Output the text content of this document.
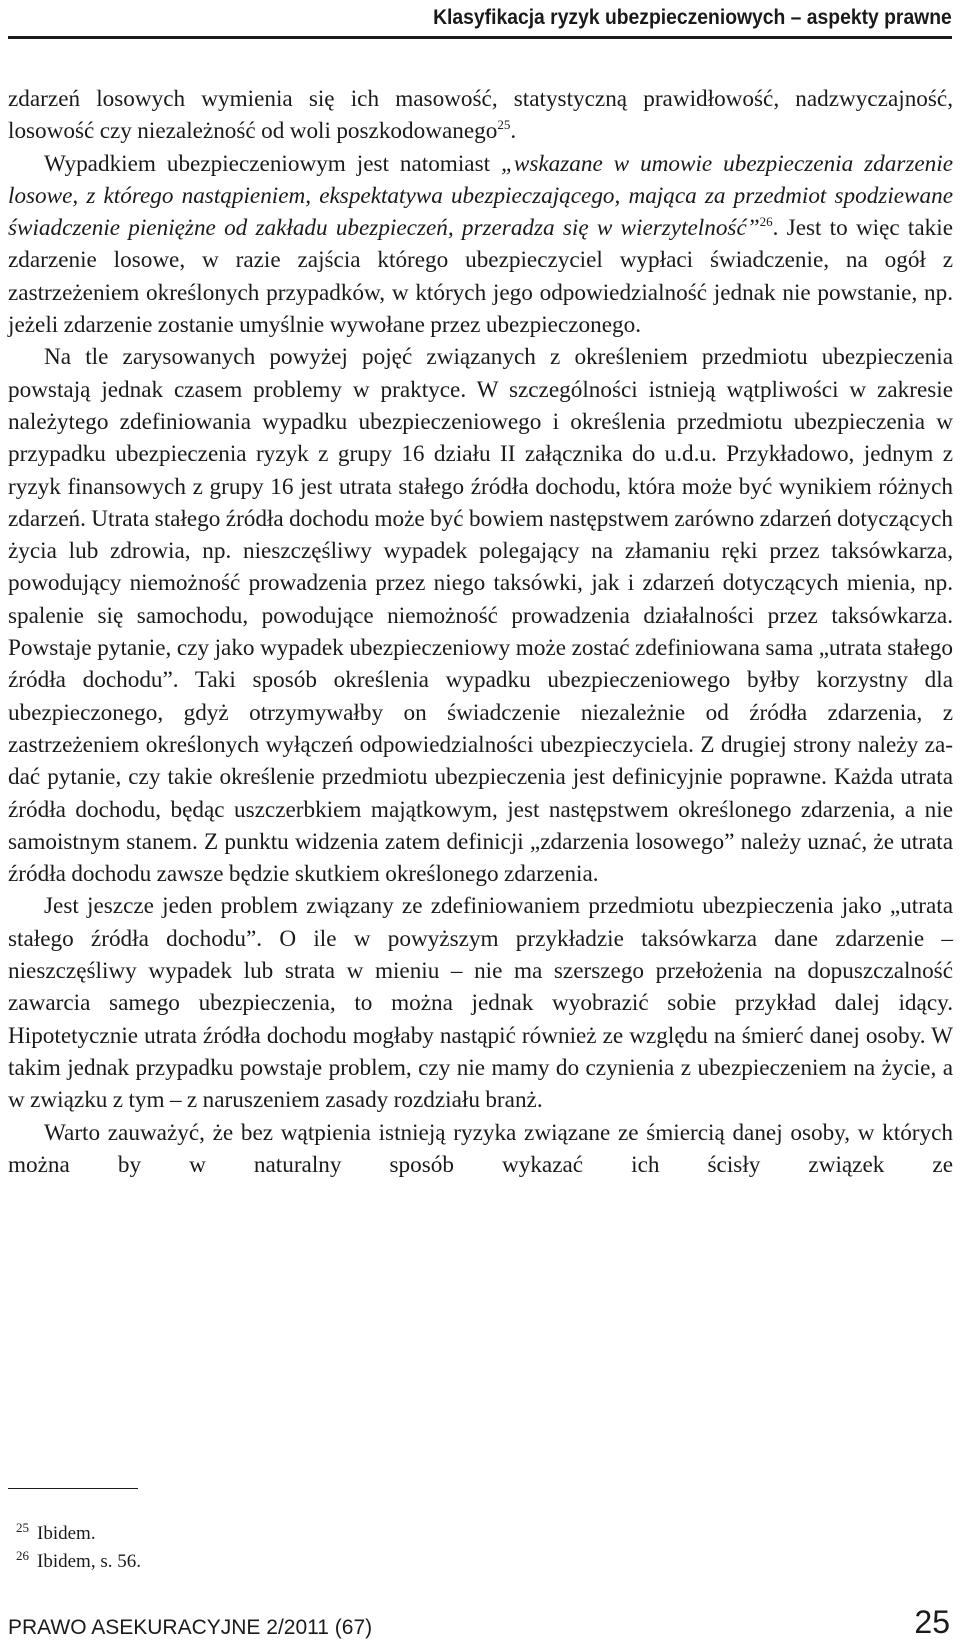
Klasyfikacja ryzyk ubezpieczeniowych – aspekty prawne

zdarzeń losowych wymienia się ich masowość, statystyczną prawidłowość, nadzwyczajność, losowość czy niezależność od woli poszkodowanego$^{25}$.

Wypadkiem ubezpieczeniowym jest natomiast „wskazane w umowie ubezpieczenia zdarzenie losowe, z którego nastąpieniem, ekspektatywa ubezpieczającego, mająca za przedmiot spodziewane świadczenie pieniężne od zakładu ubezpieczeń, przeradza się w wierzytelność”$^{26}$. Jest to więc takie zdarzenie losowe, w razie zajścia którego ubezpieczyciel wypłaci świadczenie, na ogół z zastrzeżeniem określonych przypadków, w których jego odpowiedzialność jednak nie powstanie, np. jeżeli zdarzenie zostanie umyślnie wywołane przez ubezpieczonego.

Na tle zarysowanych powyżej pojęć związanych z określeniem przedmiotu ubezpieczenia powstają jednak czasem problemy w praktyce. W szczególności istnieją wątpliwości w zakresie należytego zdefiniowania wypadku ubezpieczeniowego i określenia przedmiotu ubezpieczenia w przypadku ubezpieczenia ryzyk z grupy 16 działu II załącznika do u.d.u. Przykładowo, jednym z ryzyk finansowych z grupy 16 jest utrata stałego źródła dochodu, która może być wynikiem różnych zdarzeń. Utrata stałego źródła dochodu może być bowiem następstwem zarówno zdarzeń dotyczących życia lub zdrowia, np. nieszczęśliwy wypadek polegający na złamaniu ręki przez taksówkarza, powodujący niemożność prowadzenia przez niego taksówki, jak i zdarzeń dotyczących mienia, np. spalenie się samochodu, powodujące niemożność prowadzenia działalności przez taksówkarza. Powstaje pytanie, czy jako wypadek ubezpieczeniowy może zostać zdefiniowana sama „utrata stałego źródła dochodu”. Taki sposób określenia wypadku ubezpieczeniowego byłby korzystny dla ubezpieczonego, gdyż otrzymywałby on świadczenie niezależnie od źródła zdarzenia, z zastrzeżeniem określonych wyłączeń odpowiedzialności ubezpieczyciela. Z drugiej strony należy zadać pytanie, czy takie określenie przedmiotu ubezpieczenia jest definicyjnie poprawne. Każda utrata źródła dochodu, będąc uszczerbkiem majątkowym, jest następstwem określonego zdarzenia, a nie samoistnym stanem. Z punktu widzenia zatem definicji „zdarzenia losowego” należy uznać, że utrata źródła dochodu zawsze będzie skutkiem określonego zdarzenia.

Jest jeszcze jeden problem związany ze zdefiniowaniem przedmiotu ubezpieczenia jako „utrata stałego źródła dochodu”. O ile w powyższym przykładzie taksówkarza dane zdarzenie – nieszczęśliwy wypadek lub strata w mieniu – nie ma szerszego przełożenia na dopuszczalność zawarcia samego ubezpieczenia, to można jednak wyobrazić sobie przykład dalej idący. Hipotetycznie utrata źródła dochodu mogłaby nastąpić również ze względu na śmierć danej osoby. W takim jednak przypadku powstaje problem, czy nie mamy do czynienia z ubezpieczeniem na życie, a w związku z tym – z naruszeniem zasady rozdziału branż.

Warto zauważyć, że bez wątpienia istnieją ryzyka związane ze śmiercią danej osoby, w których można by w naturalny sposób wykazać ich ścisły związek ze

$^{25}$ Ibidem.
$^{26}$ Ibidem, s. 56.
PRAWO ASEKURACYJNE 2/2011 (67)	25
